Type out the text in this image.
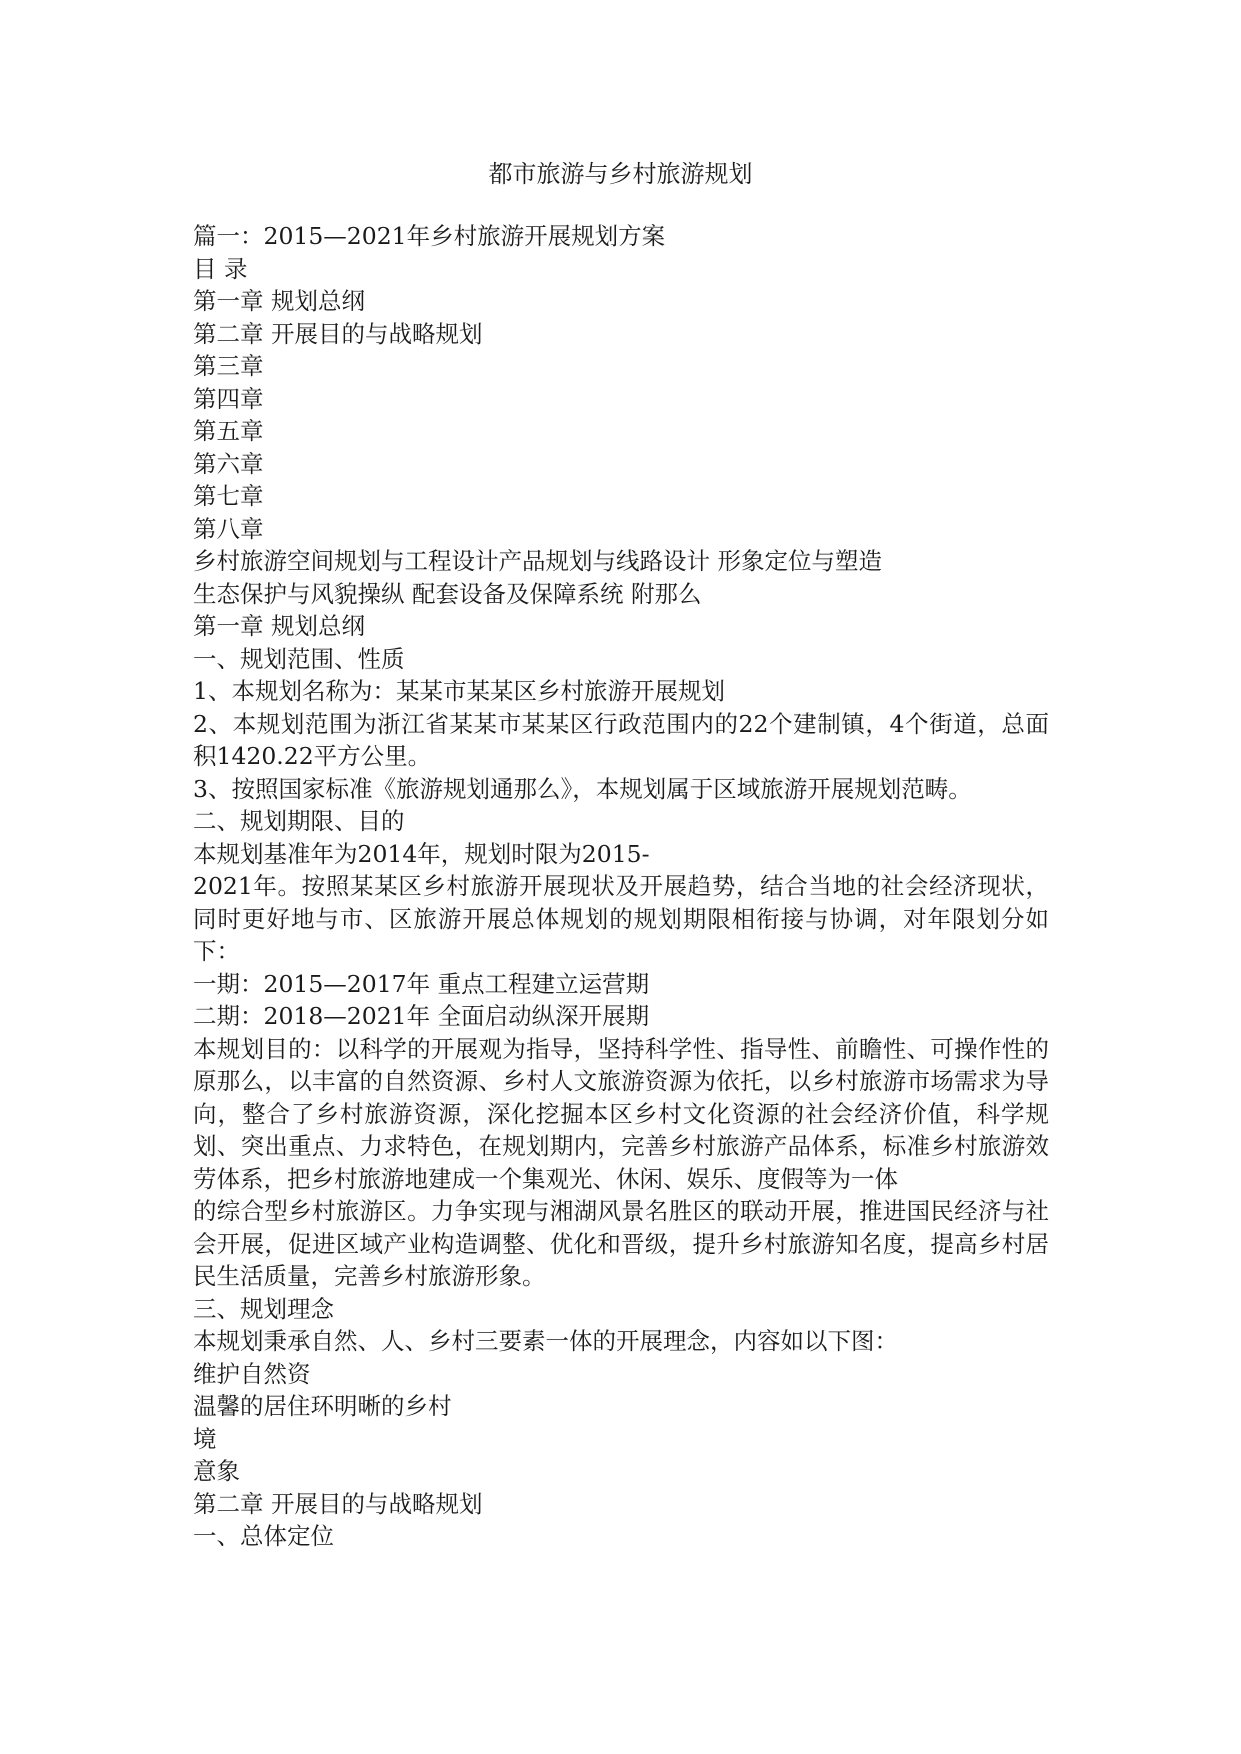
都市旅游与乡村旅游规划
篇一：2015—2021年乡村旅游开展规划方案
目 录
第一章 规划总纲
第二章 开展目的与战略规划
第三章
第四章
第五章
第六章
第七章
第八章
乡村旅游空间规划与工程设计产品规划与线路设计 形象定位与塑造
生态保护与风貌操纵 配套设备及保障系统 附那么
第一章 规划总纲
一、规划范围、性质
1、本规划名称为：某某市某某区乡村旅游开展规划
2、本规划范围为浙江省某某市某某区行政范围内的22个建制镇，4个街道，总面积1420.22平方公里。
3、按照国家标准《旅游规划通那么》，本规划属于区域旅游开展规划范畴。
二、规划期限、目的
本规划基准年为2014年，规划时限为2015-
2021年。按照某某区乡村旅游开展现状及开展趋势，结合当地的社会经济现状，同时更好地与市、区旅游开展总体规划的规划期限相衔接与协调，对年限划分如下：
一期：2015—2017年 重点工程建立运营期
二期：2018—2021年 全面启动纵深开展期
本规划目的：以科学的开展观为指导，坚持科学性、指导性、前瞻性、可操作性的原那么，以丰富的自然资源、乡村人文旅游资源为依托，以乡村旅游市场需求为导向，整合了乡村旅游资源，深化挖掘本区乡村文化资源的社会经济价值，科学规划、突出重点、力求特色，在规划期内，完善乡村旅游产品体系，标准乡村旅游效劳体系，把乡村旅游地建成一个集观光、休闲、娱乐、度假等为一体
的综合型乡村旅游区。力争实现与湘湖风景名胜区的联动开展，推进国民经济与社会开展，促进区域产业构造调整、优化和晋级，提升乡村旅游知名度，提高乡村居民生活质量，完善乡村旅游形象。
三、规划理念
本规划秉承自然、人、乡村三要素一体的开展理念，内容如以下图：
维护自然资
温馨的居住环明晰的乡村
境
意象
第二章 开展目的与战略规划
一、总体定位
